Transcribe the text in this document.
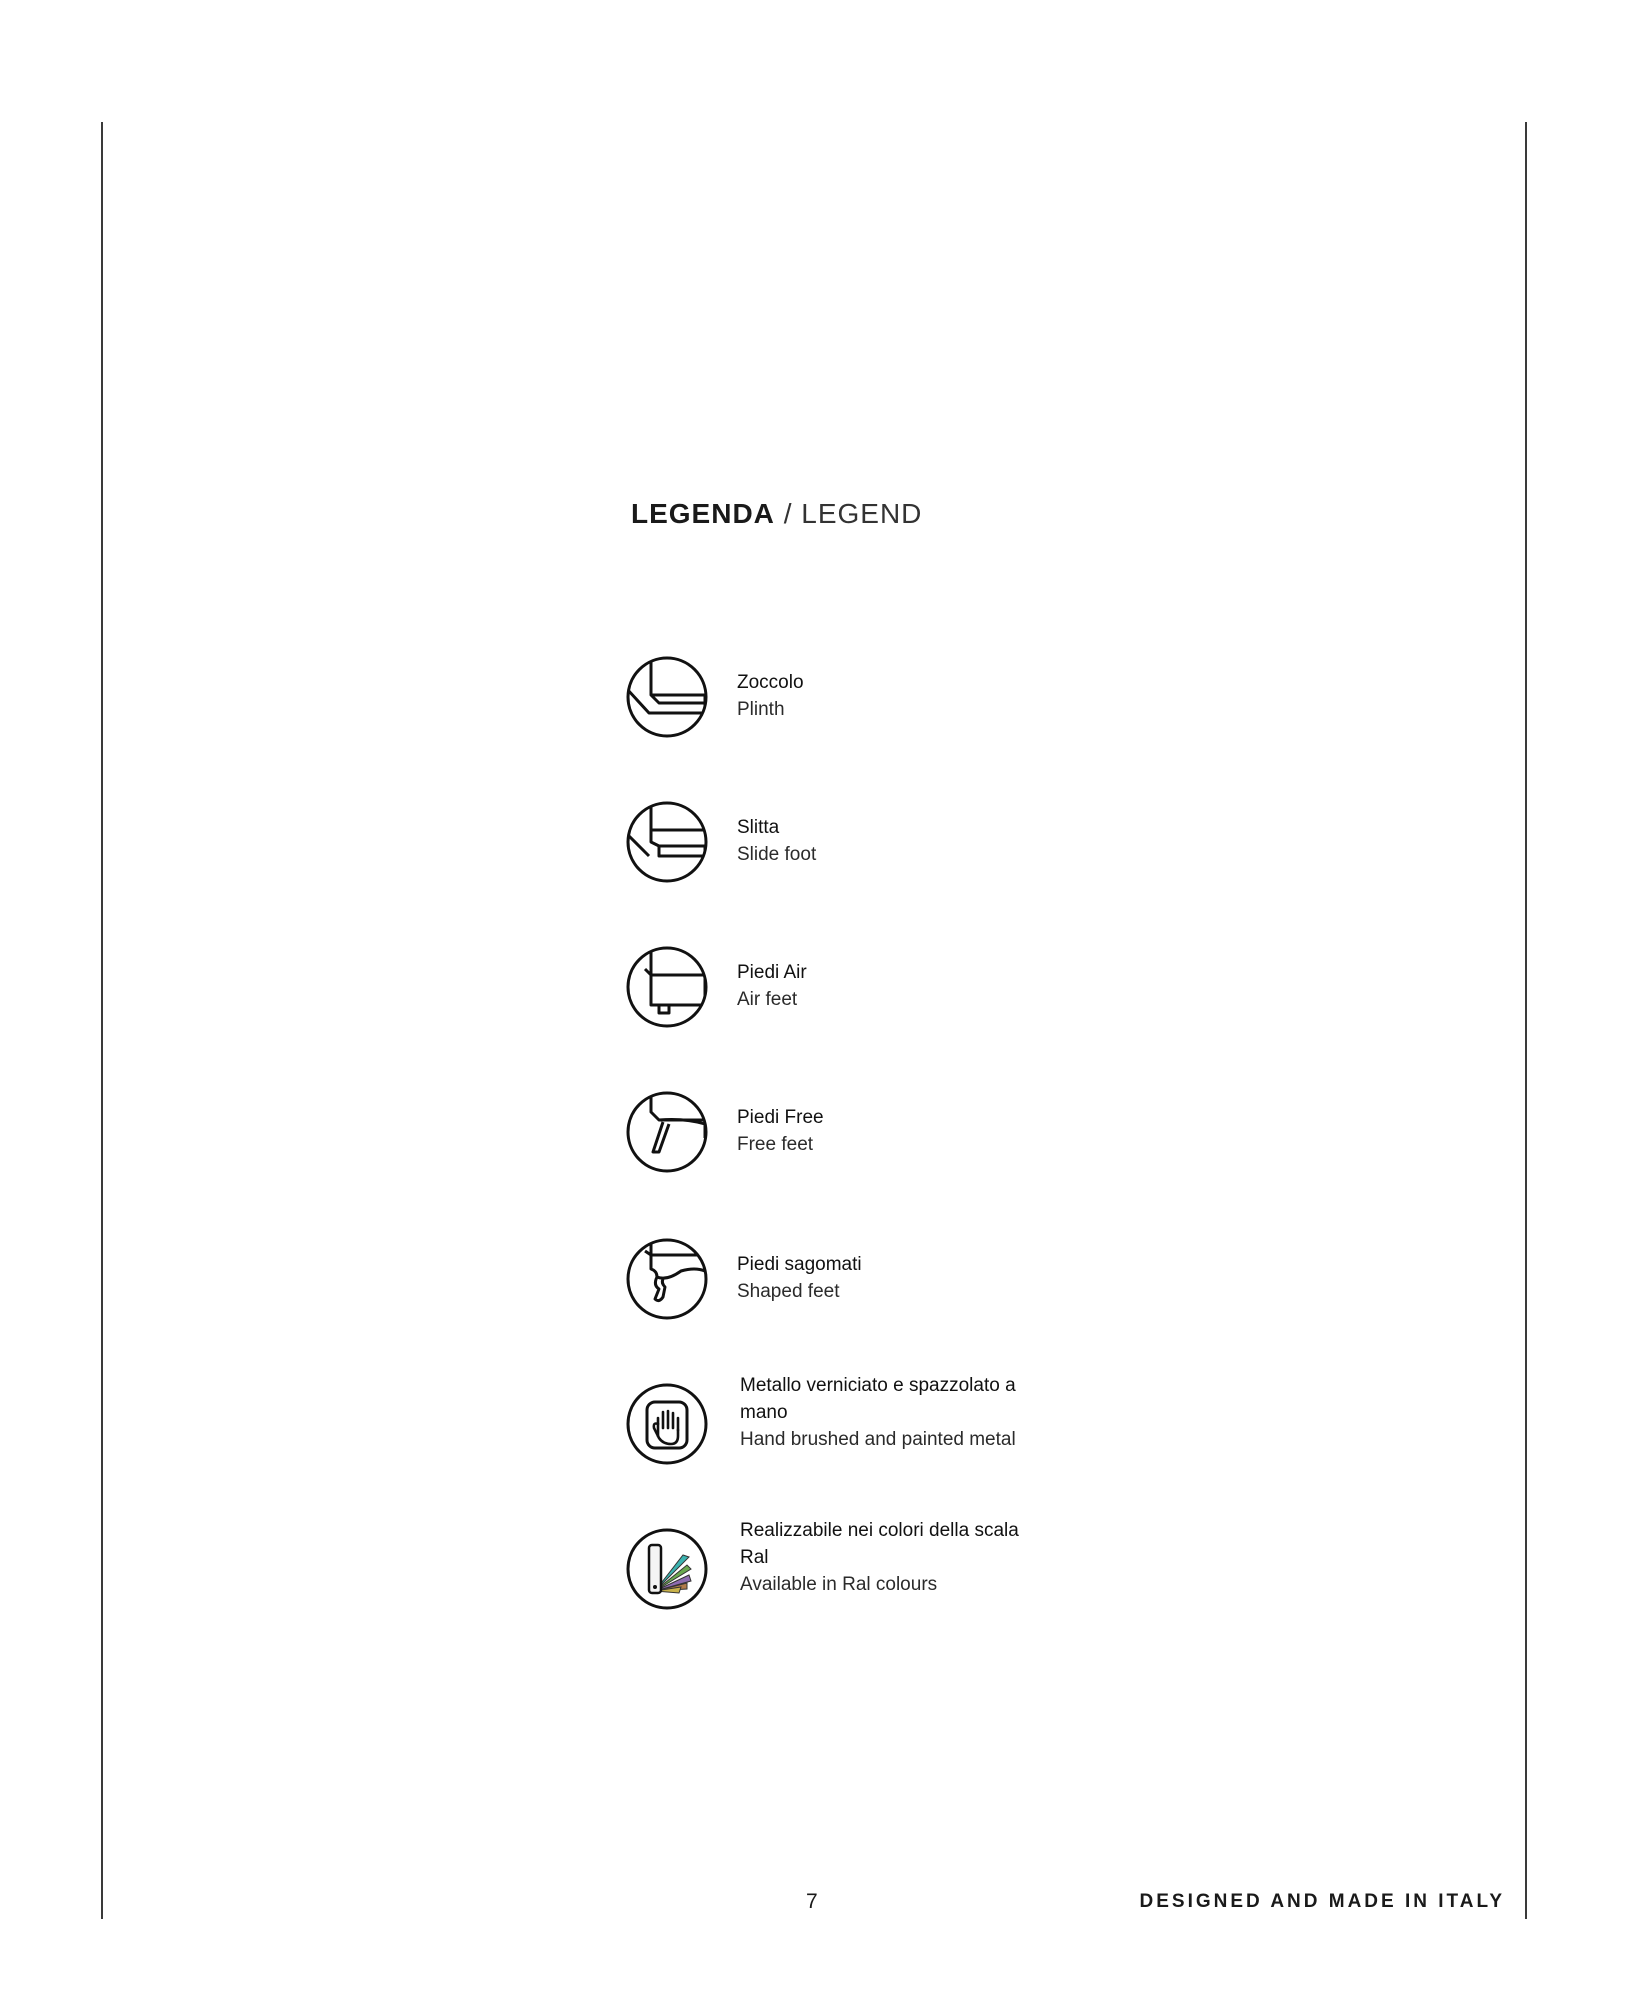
LEGENDA / LEGEND
Zoccolo
Plinth
Slitta
Slide foot
Piedi Air
Air feet
Piedi Free
Free feet
Piedi sagomati
Shaped feet
Metallo verniciato e spazzolato a mano
Hand brushed and painted metal
Realizzabile nei colori della scala Ral
Available in Ral colours
7	DESIGNED AND MADE IN ITALY
